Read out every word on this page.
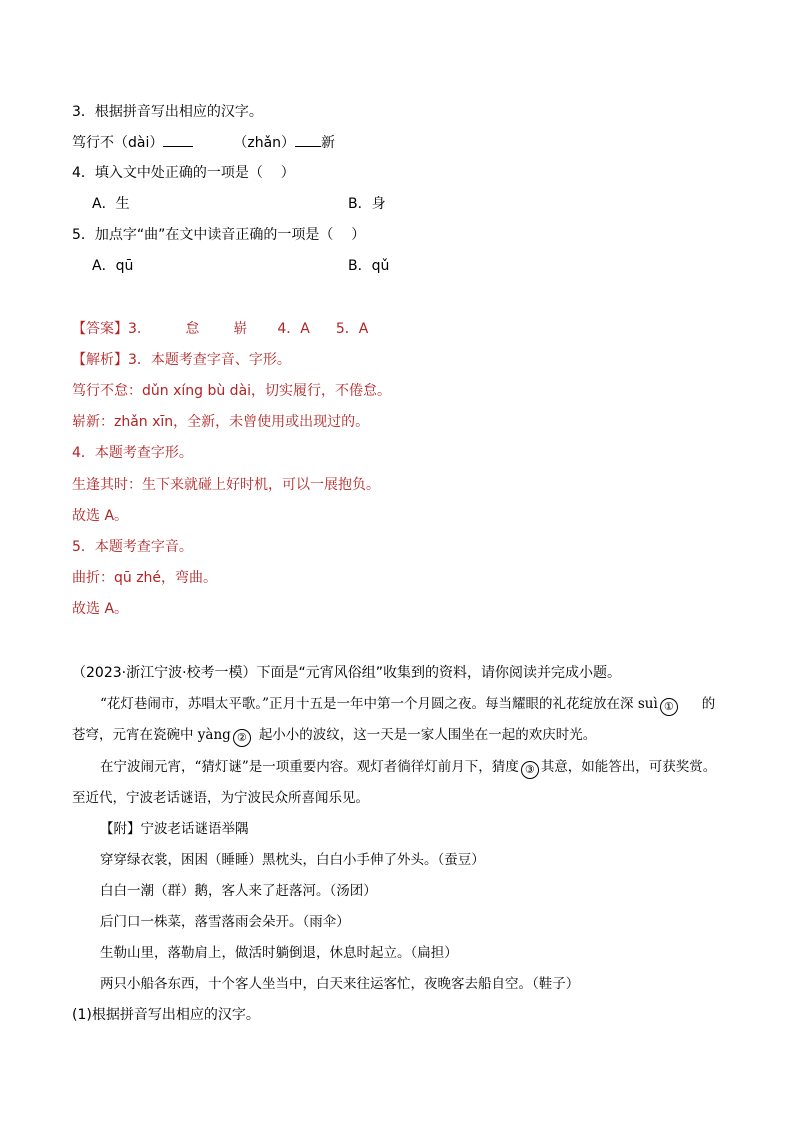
3．根据拼音写出相应的汉字。
笃行不（dài）	（zhǎn） 新
4．填入文中处正确的一项是（    ）
A．生	B．身
5．加点字“曲”在文中读音正确的一项是（    ）
A．qū	B．qǔ
【答案】3.	怠 崭 4．A 5．A
【解析】3．本题考查字音、字形。
笃行不怠：dǔn xíng bù dài，切实履行，不倦怠。
崭新：zhǎn xīn，全新，未曾使用或出现过的。
4．本题考查字形。
生逢其时：生下来就碰上好时机，可以一展抱负。
故选 A。
5．本题考查字音。
曲折：qū zhé，弯曲。
故选 A。
（2023·浙江宁波·校考一模）下面是“元宵风俗组”收集到的资料，请你阅读并完成小题。
“花灯巷闹市，苏唱太平歌。”正月十五是一年中第一个月圆之夜。每当耀眼的礼花绽放在深 suì ① 的
苍穹，元宵在瓷碗中 yàng ② 起小小的波纹，这一天是一家人围坐在一起的欢庆时光。
在宁波闹元宵，“猜灯谜”是一项重要内容。观灯者徜徉灯前月下，猜度 ③ 其意，如能答出，可获奖赏。
至近代，宁波老话谜语，为宁波民众所喜闻乐见。
【附】宁波老话谜语举隅
穿穿绿衣裳，困困（睡睡）黑枕头，白白小手伸了外头。（蚕豆）
白白一潮（群）鹅，客人来了赶落河。（汤团）
后门口一株菜，落雪落雨会朵开。（雨伞）
生勒山里，落勒肩上，做活时躺倒退，休息时起立。（扁担）
两只小船各东西，十个客人坐当中，白天来往运客忙，夜晚客去船自空。（鞋子）
(1)根据拼音写出相应的汉字。
